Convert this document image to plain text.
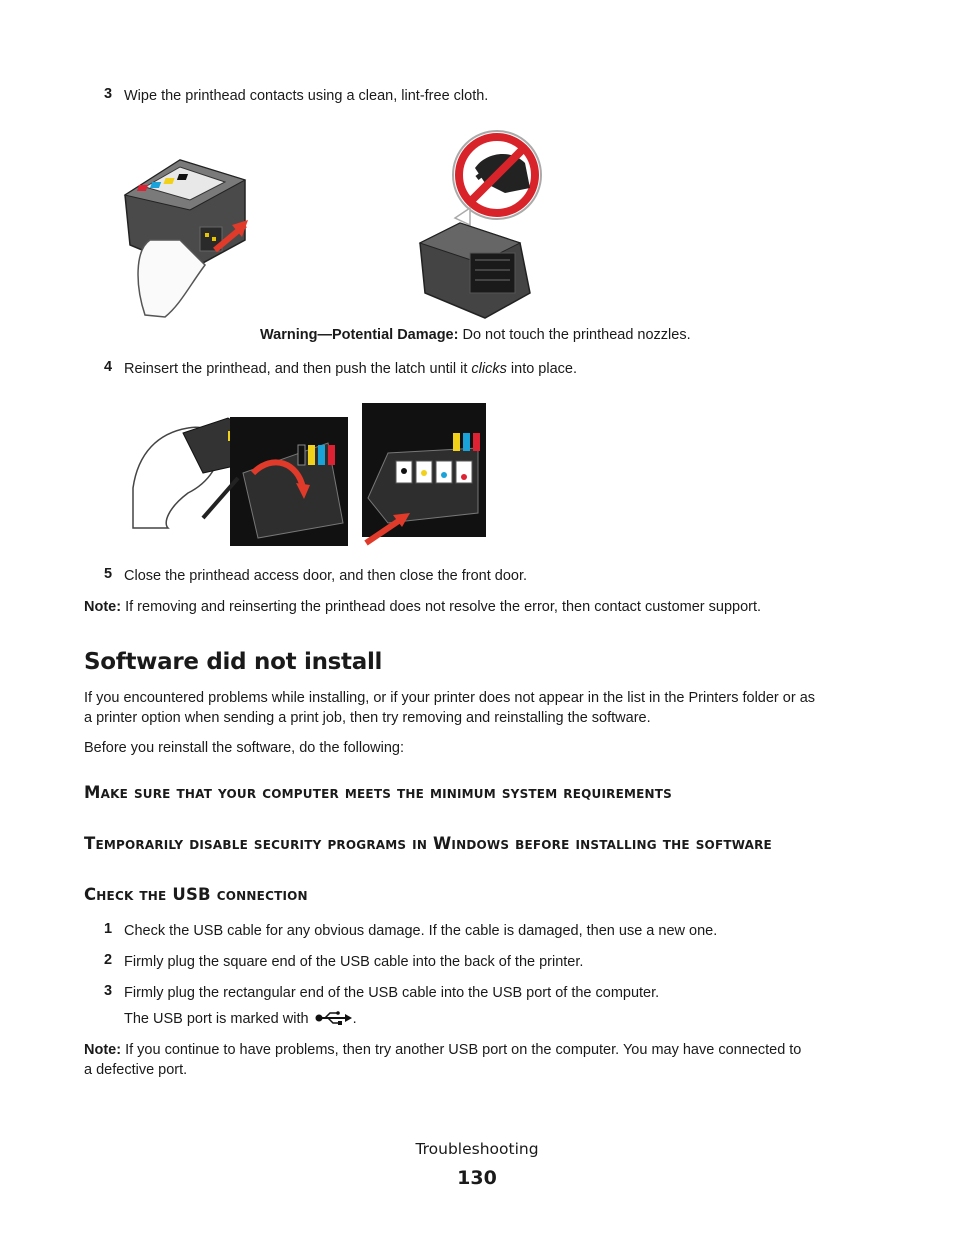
3 Wipe the printhead contacts using a clean, lint-free cloth.
Warning—Potential Damage: Do not touch the printhead nozzles.
4 Reinsert the printhead, and then push the latch until it clicks into place.
5 Close the printhead access door, and then close the front door.
Note: If removing and reinserting the printhead does not resolve the error, then contact customer support.
Software did not install
If you encountered problems while installing, or if your printer does not appear in the list in the Printers folder or as
a printer option when sending a print job, then try removing and reinstalling the software.
Before you reinstall the software, do the following:
Make sure that your computer meets the minimum system requirements
Temporarily disable security programs in Windows before installing the software
Check the USB connection
1 Check the USB cable for any obvious damage. If the cable is damaged, then use a new one.
2 Firmly plug the square end of the USB cable into the back of the printer.
3 Firmly plug the rectangular end of the USB cable into the USB port of the computer.
The USB port is marked with	.
Note: If you continue to have problems, then try another USB port on the computer. You may have connected to
a defective port.
Troubleshooting
130
